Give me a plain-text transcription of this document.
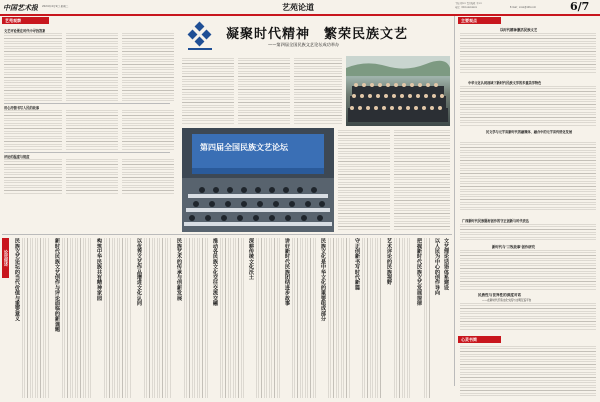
中国艺术报 2024年4月9日 星期二	艺苑论道	主编 刘×× 责任编辑 王××
电话：010-xxxxxxxx	E-mail：xxxx@126.com	6/7
艺苑观察
文艺评论要在时代中寻找答案
用心用情书写人民的故事
评论的温度与锐度
凝聚时代精神　繁荣民族文艺
——第四届全国民族文艺论坛成功举办
第四届全国民族文艺论坛
主要观点
以时代精神激活民族文艺
中华文化认同视域下新时代民族文学的多重美学特色
民文学与元宇宙新时代的融媒体、融合中的元宇宙传统化发展
广西新时代民族题材创作的守正创新与时代表达
新时代与‘三牧故事’创作研究
民族性与世界性的深度对话
——在新时代打造文化交流与文明互鉴平台
心灵书简
论坛综述 民族文艺论坛的当代价值与重要意义	新时代民族文艺创作与评论面临的新课题	构筑中华民族共有精神家园	以优秀文艺作品增进文化认同	民族艺术的传承与创新发展	推动各民族文化交往交流交融	深耕传统文化沃土	讲好新时代民族团结进步故事	民族文化是中华文化的重要组成部分	守正创新书写时代新篇	艺术评论的民族视野	把握新时代民族文艺发展规律 以人民为中心的创作导向 文艺理论话语体系建设
